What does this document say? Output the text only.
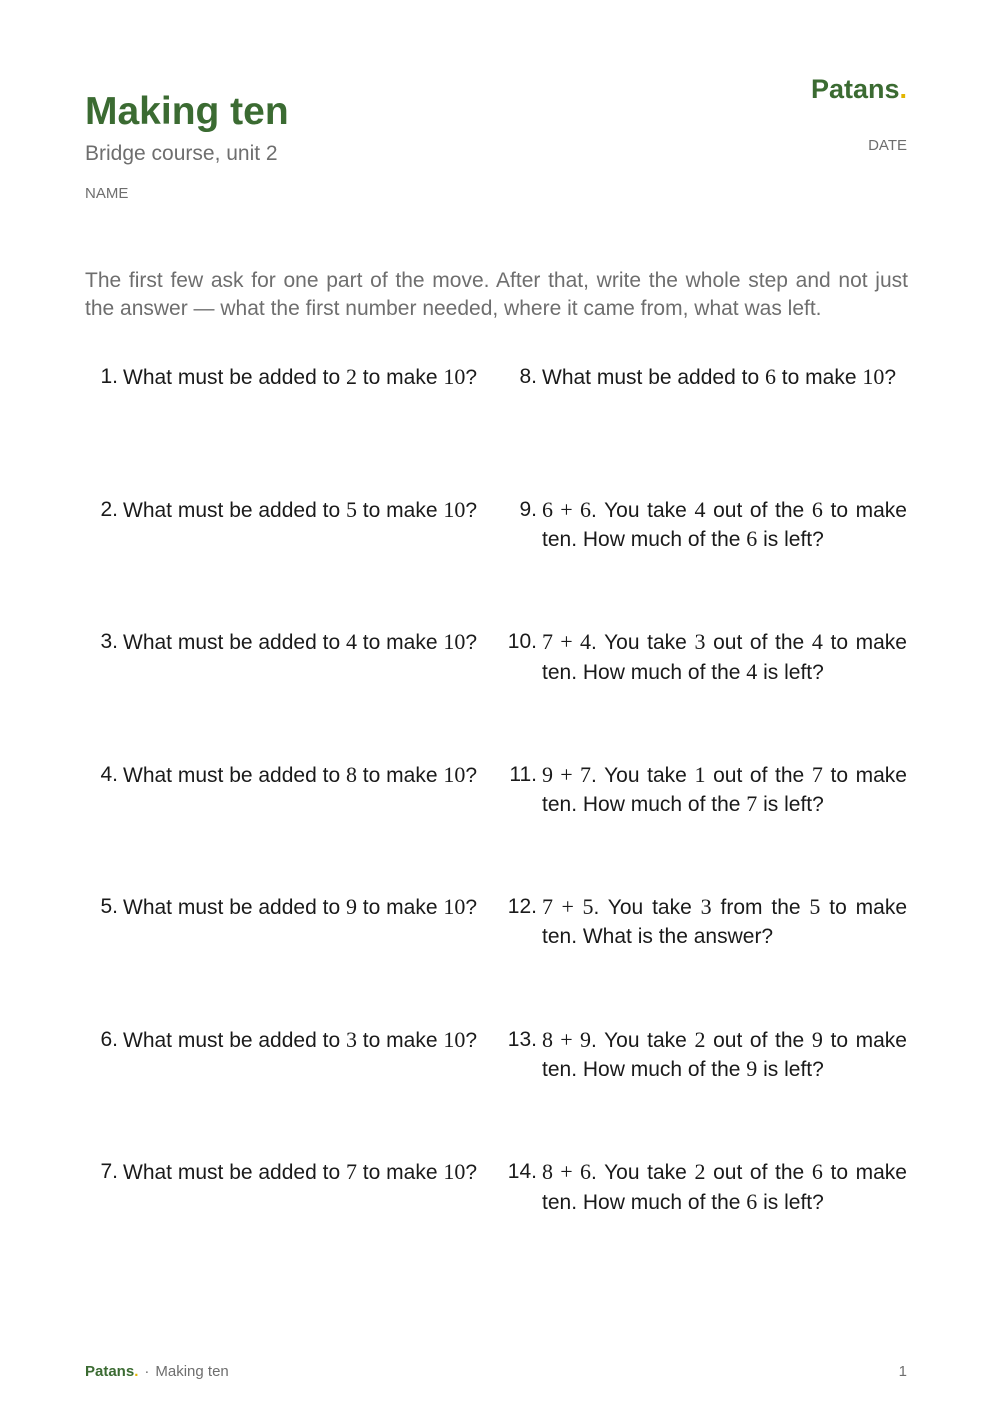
Making ten
Bridge course, unit 2
NAME
Patans.
DATE
The first few ask for one part of the move. After that, write the whole step and not just the answer — what the first number needed, where it came from, what was left.
1. What must be added to 2 to make 10?
2. What must be added to 5 to make 10?
3. What must be added to 4 to make 10?
4. What must be added to 8 to make 10?
5. What must be added to 9 to make 10?
6. What must be added to 3 to make 10?
7. What must be added to 7 to make 10?
8. What must be added to 6 to make 10?
9. 6 + 6. You take 4 out of the 6 to make ten. How much of the 6 is left?
10. 7 + 4. You take 3 out of the 4 to make ten. How much of the 4 is left?
11. 9 + 7. You take 1 out of the 7 to make ten. How much of the 7 is left?
12. 7 + 5. You take 3 from the 5 to make ten. What is the answer?
13. 8 + 9. You take 2 out of the 9 to make ten. How much of the 9 is left?
14. 8 + 6. You take 2 out of the 6 to make ten. How much of the 6 is left?
Patans. · Making ten	1
